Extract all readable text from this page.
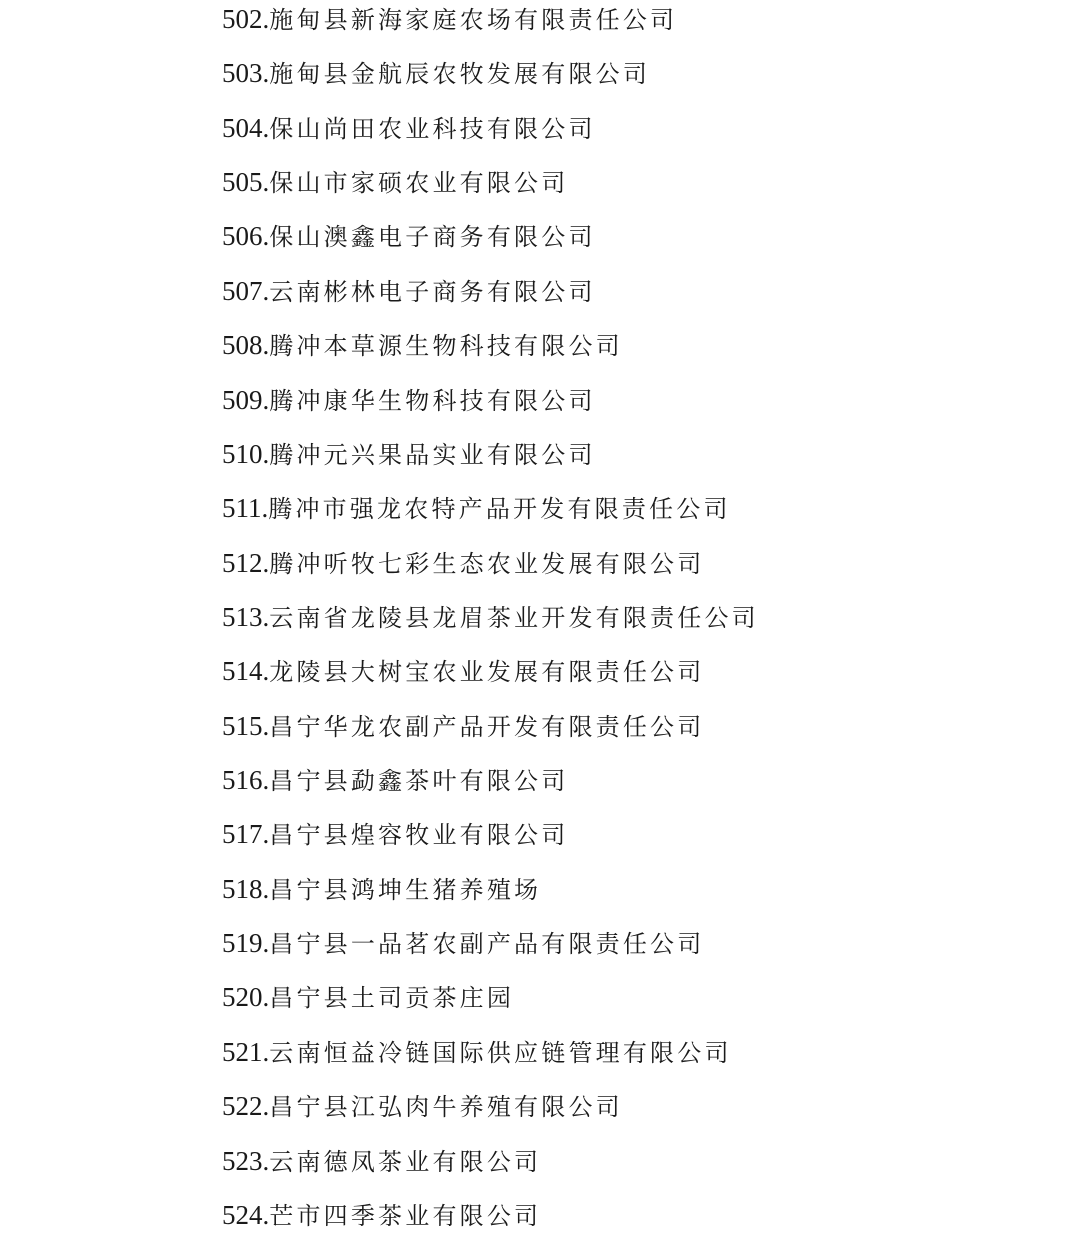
502.施甸县新海家庭农场有限责任公司
503.施甸县金航辰农牧发展有限公司
504.保山尚田农业科技有限公司
505.保山市家硕农业有限公司
506.保山澳鑫电子商务有限公司
507.云南彬林电子商务有限公司
508.腾冲本草源生物科技有限公司
509.腾冲康华生物科技有限公司
510.腾冲元兴果品实业有限公司
511.腾冲市强龙农特产品开发有限责任公司
512.腾冲听牧七彩生态农业发展有限公司
513.云南省龙陵县龙眉茶业开发有限责任公司
514.龙陵县大树宝农业发展有限责任公司
515.昌宁华龙农副产品开发有限责任公司
516.昌宁县勐鑫茶叶有限公司
517.昌宁县煌容牧业有限公司
518.昌宁县鸿坤生猪养殖场
519.昌宁县一品茗农副产品有限责任公司
520.昌宁县土司贡茶庄园
521.云南恒益冷链国际供应链管理有限公司
522.昌宁县江弘肉牛养殖有限公司
523.云南德凤茶业有限公司
524.芒市四季茶业有限公司
